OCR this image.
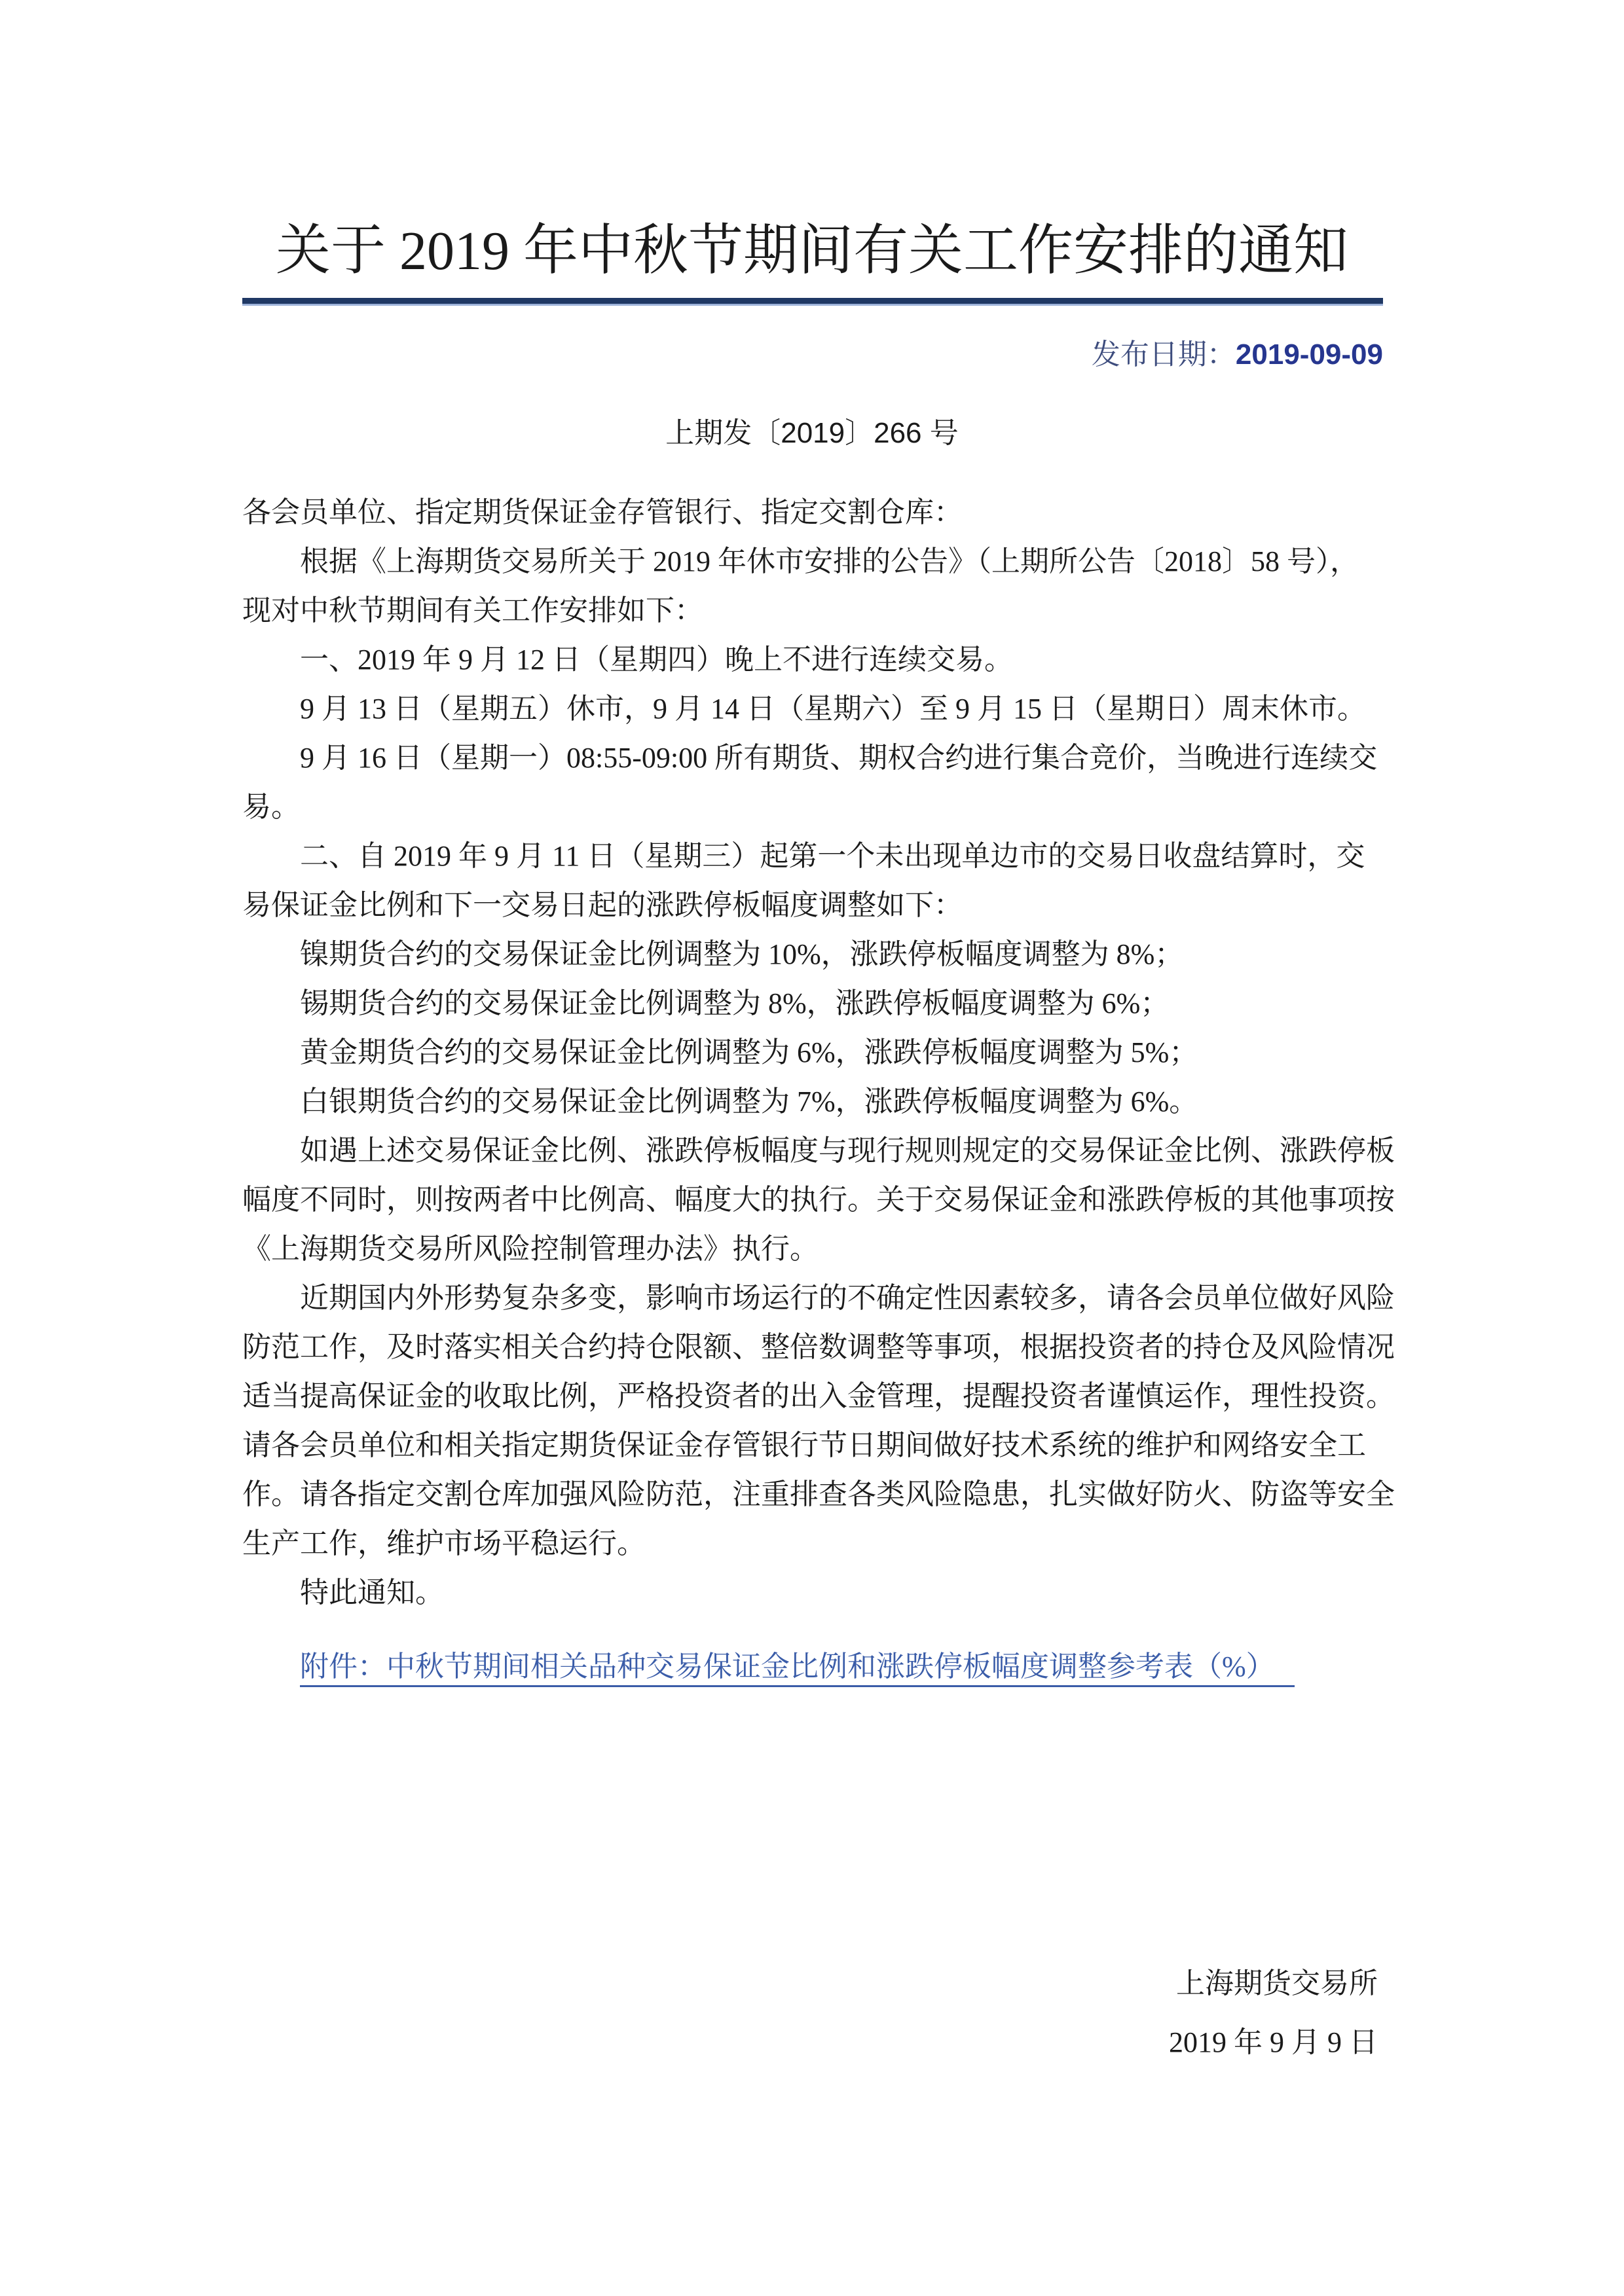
关于 2019 年中秋节期间有关工作安排的通知
发布日期：2019-09-09
上期发〔2019〕266 号
各会员单位、指定期货保证金存管银行、指定交割仓库：
根据《上海期货交易所关于 2019 年休市安排的公告》（上期所公告〔2018〕58 号），
现对中秋节期间有关工作安排如下：
一、2019 年 9 月 12 日（星期四）晚上不进行连续交易。
9 月 13 日（星期五）休市，9 月 14 日（星期六）至 9 月 15 日（星期日）周末休市。
9 月 16 日（星期一）08:55-09:00 所有期货、期权合约进行集合竞价，当晚进行连续交
易。
二、自 2019 年 9 月 11 日（星期三）起第一个未出现单边市的交易日收盘结算时，交
易保证金比例和下一交易日起的涨跌停板幅度调整如下：
镍期货合约的交易保证金比例调整为 10%，涨跌停板幅度调整为 8%；
锡期货合约的交易保证金比例调整为 8%，涨跌停板幅度调整为 6%；
黄金期货合约的交易保证金比例调整为 6%，涨跌停板幅度调整为 5%；
白银期货合约的交易保证金比例调整为 7%，涨跌停板幅度调整为 6%。
如遇上述交易保证金比例、涨跌停板幅度与现行规则规定的交易保证金比例、涨跌停板
幅度不同时，则按两者中比例高、幅度大的执行。关于交易保证金和涨跌停板的其他事项按
《上海期货交易所风险控制管理办法》执行。
近期国内外形势复杂多变，影响市场运行的不确定性因素较多，请各会员单位做好风险
防范工作，及时落实相关合约持仓限额、整倍数调整等事项，根据投资者的持仓及风险情况
适当提高保证金的收取比例，严格投资者的出入金管理，提醒投资者谨慎运作，理性投资。
请各会员单位和相关指定期货保证金存管银行节日期间做好技术系统的维护和网络安全工
作。请各指定交割仓库加强风险防范，注重排查各类风险隐患，扎实做好防火、防盗等安全
生产工作，维护市场平稳运行。
特此通知。
附件：中秋节期间相关品种交易保证金比例和涨跌停板幅度调整参考表（%）
上海期货交易所
2019 年 9 月 9 日
